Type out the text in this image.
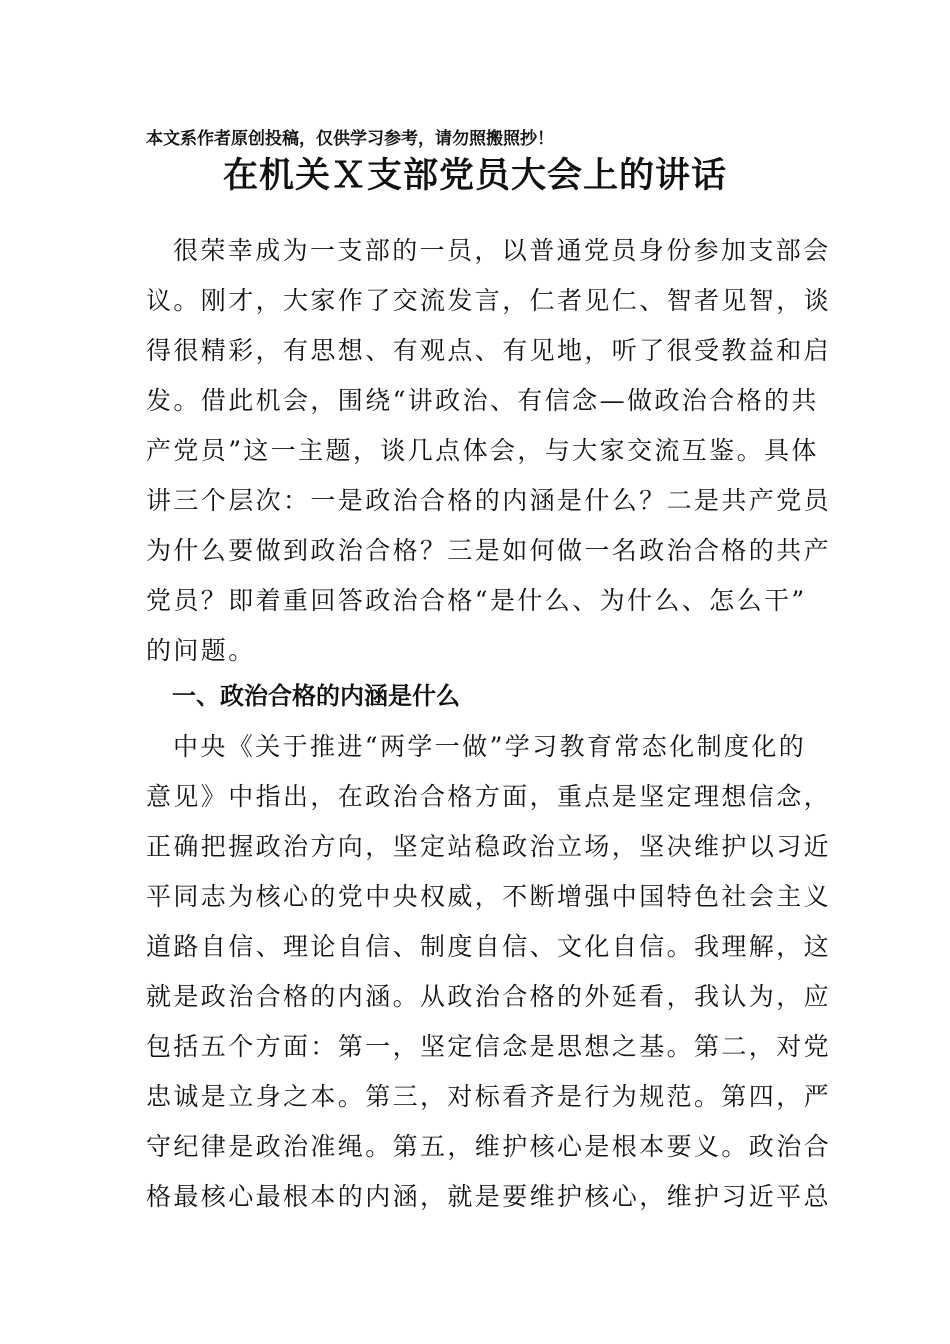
本文系作者原创投稿，仅供学习参考，请勿照搬照抄！
在机关Ｘ支部党员大会上的讲话
很荣幸成为一支部的一员，以普通党员身份参加支部会
议。刚才，大家作了交流发言，仁者见仁、智者见智，谈
得很精彩，有思想、有观点、有见地，听了很受教益和启
发。借此机会，围绕“讲政治、有信念—做政治合格的共
产党员”这一主题，谈几点体会，与大家交流互鉴。具体
讲三个层次：一是政治合格的内涵是什么？二是共产党员
为什么要做到政治合格？三是如何做一名政治合格的共产
党员？即着重回答政治合格“是什么、为什么、怎么干”
的问题。
一、政治合格的内涵是什么
中央《关于推进“两学一做”学习教育常态化制度化的
意见》中指出，在政治合格方面，重点是坚定理想信念，
正确把握政治方向，坚定站稳政治立场，坚决维护以习近
平同志为核心的党中央权威，不断增强中国特色社会主义
道路自信、理论自信、制度自信、文化自信。我理解，这
就是政治合格的内涵。从政治合格的外延看，我认为，应
包括五个方面：第一，坚定信念是思想之基。第二，对党
忠诚是立身之本。第三，对标看齐是行为规范。第四，严
守纪律是政治准绳。第五，维护核心是根本要义。政治合
格最核心最根本的内涵，就是要维护核心，维护习近平总
